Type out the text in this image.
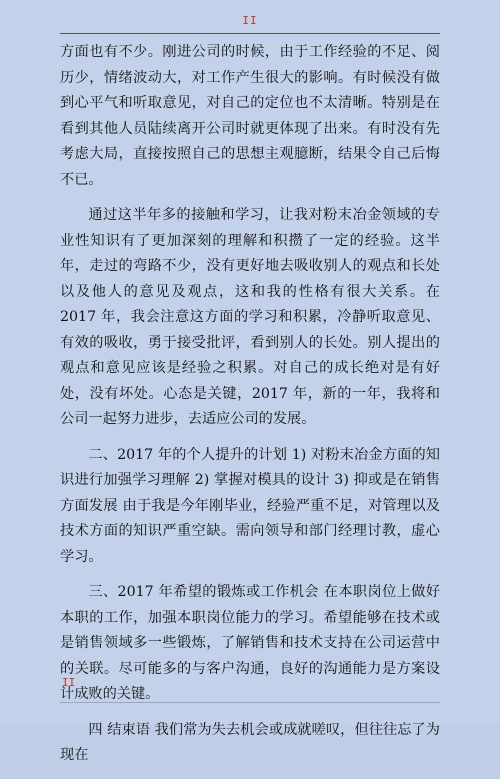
II

方面也有不少。刚进公司的时候，由于工作经验的不足、阅历少，情绪波动大，对工作产生很大的影响。有时候没有做到心平气和听取意见，对自己的定位也不太清晰。特别是在看到其他人员陆续离开公司时就更体现了出来。有时没有先考虑大局，直接按照自己的思想主观臆断，结果令自己后悔不已。

通过这半年多的接触和学习，让我对粉末冶金领域的专业性知识有了更加深刻的理解和积攒了一定的经验。这半年，走过的弯路不少，没有更好地去吸收别人的观点和长处以及他人的意见及观点，这和我的性格有很大关系。在 2017 年，我会注意这方面的学习和积累，冷静听取意见、有效的吸收，勇于接受批评，看到别人的长处。别人提出的观点和意见应该是经验之积累。对自己的成长绝对是有好处，没有坏处。心态是关键，2017 年，新的一年，我将和公司一起努力进步，去适应公司的发展。

二、2017 年的个人提升的计划 1) 对粉末冶金方面的知识进行加强学习理解 2) 掌握对模具的设计 3) 抑或是在销售方面发展 由于我是今年刚毕业，经验严重不足，对管理以及技术方面的知识严重空缺。需向领导和部门经理讨教，虚心学习。

三、2017 年希望的锻炼或工作机会 在本职岗位上做好本职的工作，加强本职岗位能力的学习。希望能够在技术或是销售领域多一些锻炼，了解销售和技术支持在公司运营中的关联。尽可能多的与客户沟通，良好的沟通能力是方案设计成败的关键。

四 结束语 我们常为失去机会或成就嗟叹，但往往忘了为现在

II
